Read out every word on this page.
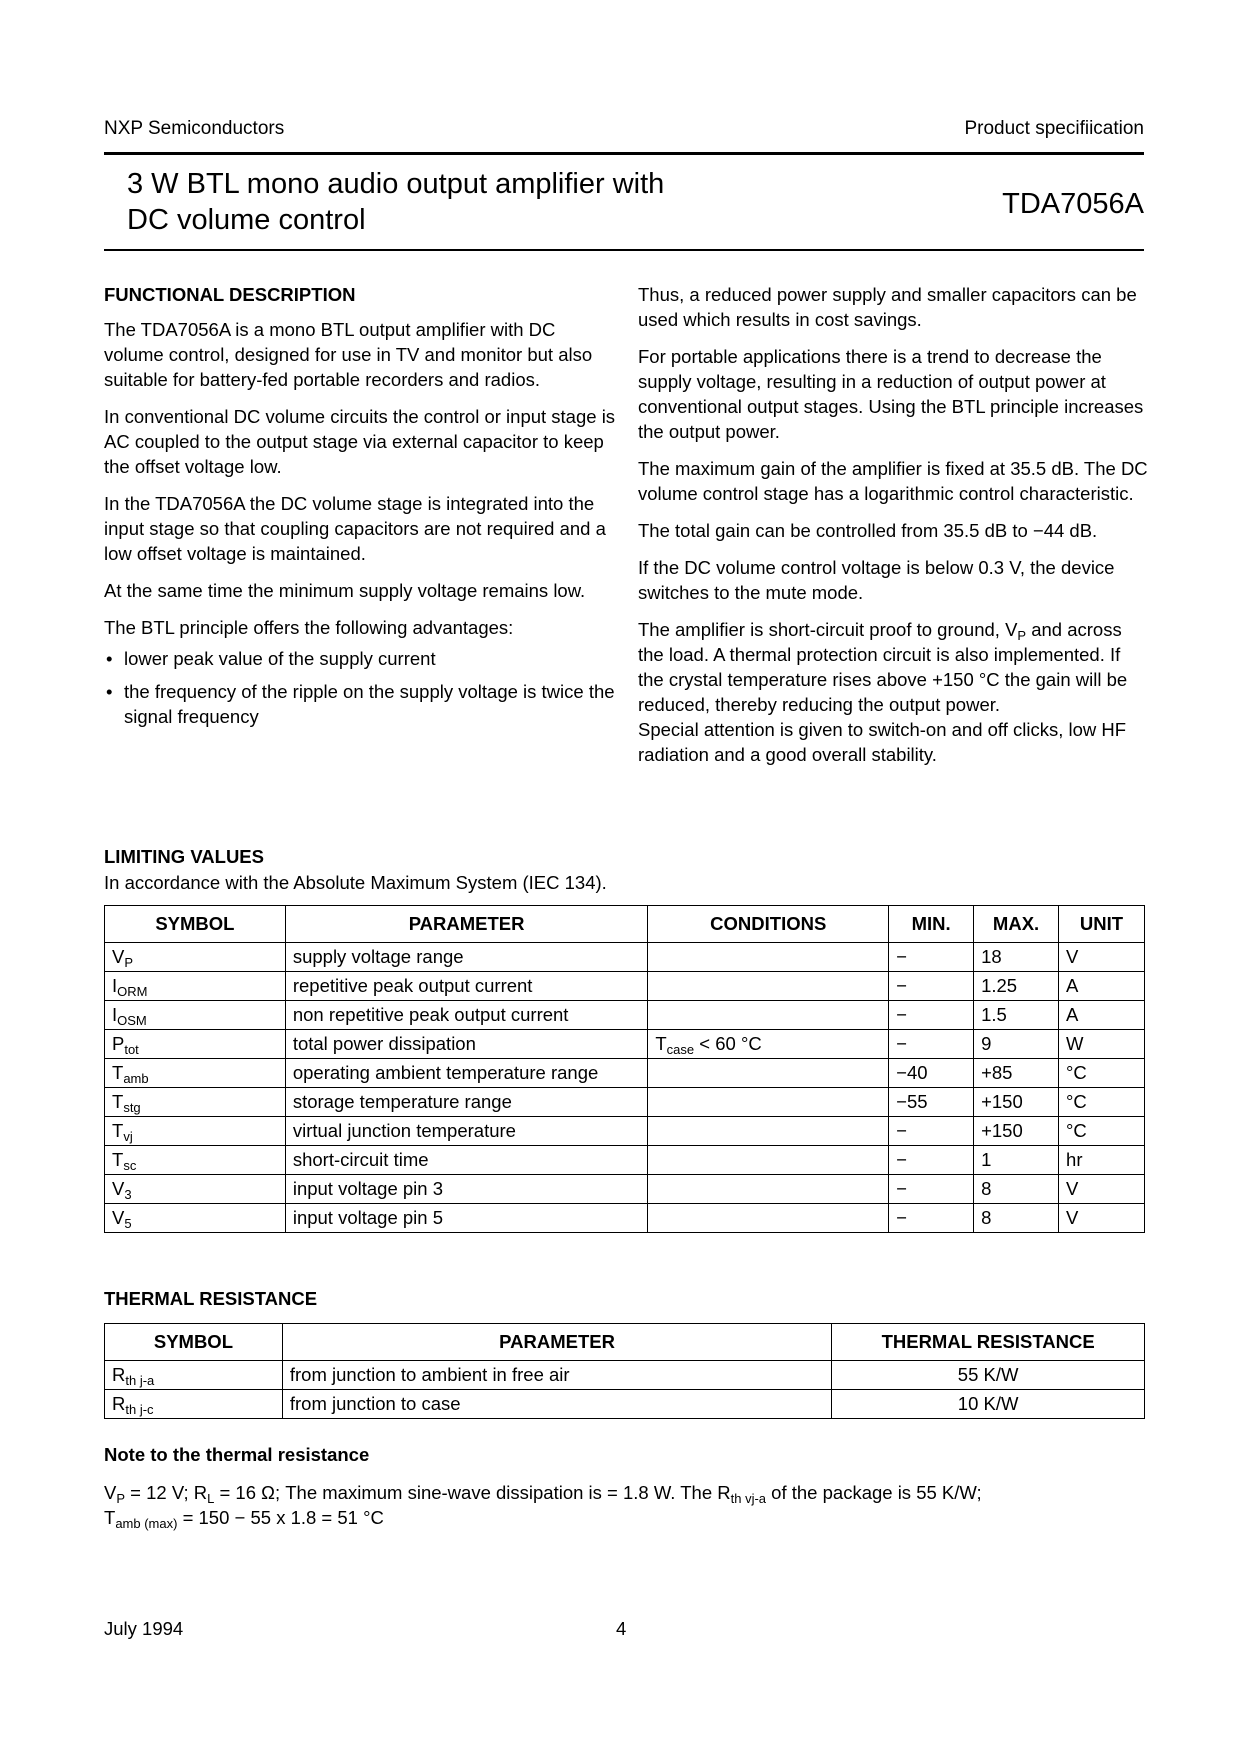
NXP Semiconductors	Product specifiication
3 W BTL mono audio output amplifier with
DC volume control	TDA7056A
FUNCTIONAL DESCRIPTION

The TDA7056A is a mono BTL output amplifier with DC volume control, designed for use in TV and monitor but also suitable for battery-fed portable recorders and radios.

In conventional DC volume circuits the control or input stage is AC coupled to the output stage via external capacitor to keep the offset voltage low.

In the TDA7056A the DC volume stage is integrated into the input stage so that coupling capacitors are not required and a low offset voltage is maintained.

At the same time the minimum supply voltage remains low.

The BTL principle offers the following advantages:

• lower peak value of the supply current
• the frequency of the ripple on the supply voltage is twice the signal frequency

Thus, a reduced power supply and smaller capacitors can be used which results in cost savings.

For portable applications there is a trend to decrease the supply voltage, resulting in a reduction of output power at conventional output stages. Using the BTL principle increases the output power.

The maximum gain of the amplifier is fixed at 35.5 dB. The DC volume control stage has a logarithmic control characteristic.

The total gain can be controlled from 35.5 dB to −44 dB.

If the DC volume control voltage is below 0.3 V, the device switches to the mute mode.

The amplifier is short-circuit proof to ground, $V_P$ and across the load. A thermal protection circuit is also implemented. If the crystal temperature rises above +150 °C the gain will be reduced, thereby reducing the output power.

Special attention is given to switch-on and off clicks, low HF radiation and a good overall stability.

LIMITING VALUES
In accordance with the Absolute Maximum System (IEC 134).
SYMBOL	PARAMETER	CONDITIONS	MIN.	MAX.	UNIT
$V_P$	supply voltage range		−	18	V
$I_{ORM}$	repetitive peak output current		−	1.25	A
$I_{OSM}$	non repetitive peak output current		−	1.5	A
$P_{tot}$	total power dissipation	$T_{case} < 60$ °C	−	9	W
$T_{amb}$	operating ambient temperature range		−40	+85	°C
$T_{stg}$	storage temperature range		−55	+150	°C
$T_{vj}$	virtual junction temperature		−	+150	°C
$T_{sc}$	short-circuit time		−	1	hr
$V_3$	input voltage pin 3		−	8	V
$V_5$	input voltage pin 5		−	8	V
THERMAL RESISTANCE
SYMBOL	PARAMETER	THERMAL RESISTANCE
$R_{th j-a}$	from junction to ambient in free air	55 K/W
$R_{th j-c}$	from junction to case	10 K/W
Note to the thermal resistance
$V_P = 12$ V; $R_L = 16$ Ω; The maximum sine-wave dissipation is = 1.8 W. The $R_{th vj-a}$ of the package is 55 K/W;
$T_{amb (max)} = 150 - 55$ x 1.8 = 51 °C
July 1994	4
